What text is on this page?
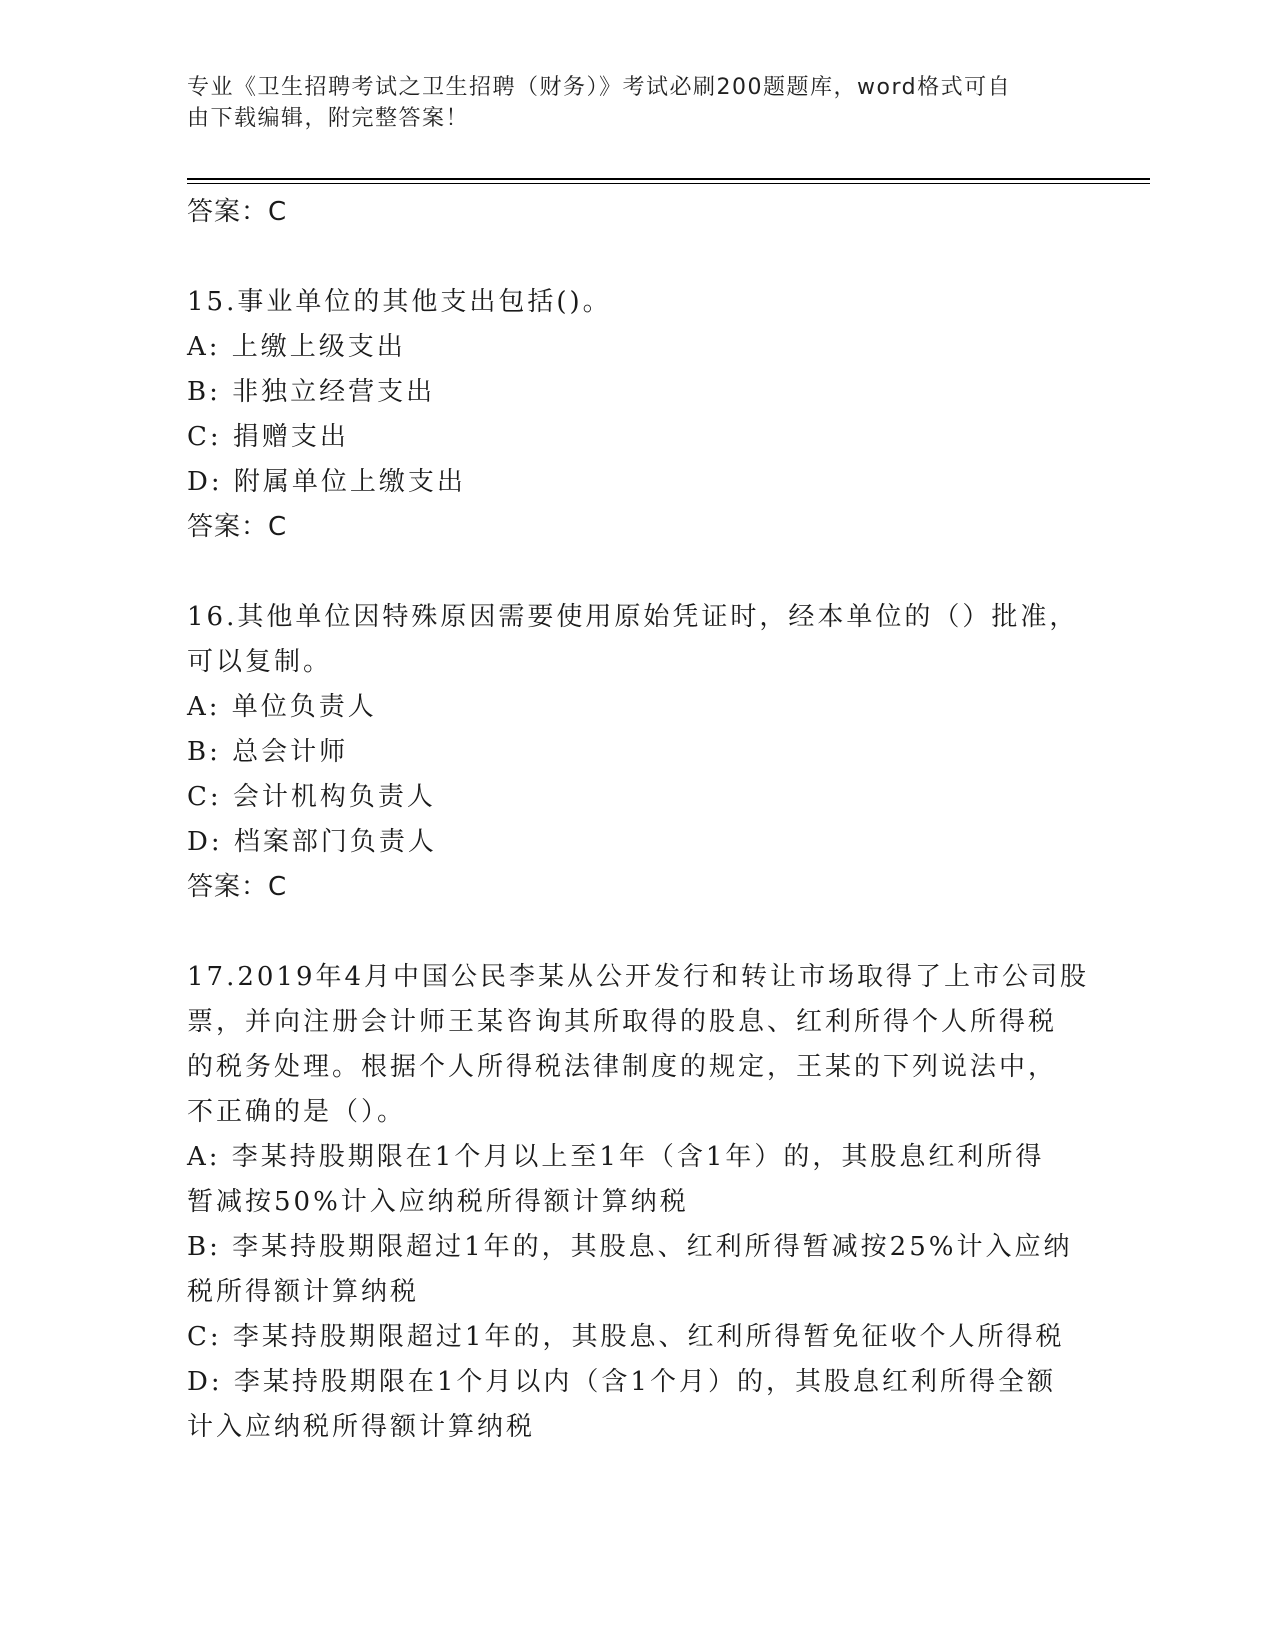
专业《卫生招聘考试之卫生招聘（财务）》考试必刷200题题库，word格式可自
由下载编辑，附完整答案！
答案：C
15.事业单位的其他支出包括()。
A: 上缴上级支出
B: 非独立经营支出
C: 捐赠支出
D: 附属单位上缴支出
答案：C
16.其他单位因特殊原因需要使用原始凭证时，经本单位的（）批准，
可以复制。
A: 单位负责人
B: 总会计师
C: 会计机构负责人
D: 档案部门负责人
答案：C
17.2019年4月中国公民李某从公开发行和转让市场取得了上市公司股
票，并向注册会计师王某咨询其所取得的股息、红利所得个人所得税
的税务处理。根据个人所得税法律制度的规定，王某的下列说法中，
不正确的是（）。
A: 李某持股期限在1个月以上至1年（含1年）的，其股息红利所得
暂减按50%计入应纳税所得额计算纳税
B: 李某持股期限超过1年的，其股息、红利所得暂减按25%计入应纳
税所得额计算纳税
C: 李某持股期限超过1年的，其股息、红利所得暂免征收个人所得税
D: 李某持股期限在1个月以内（含1个月）的，其股息红利所得全额
计入应纳税所得额计算纳税
